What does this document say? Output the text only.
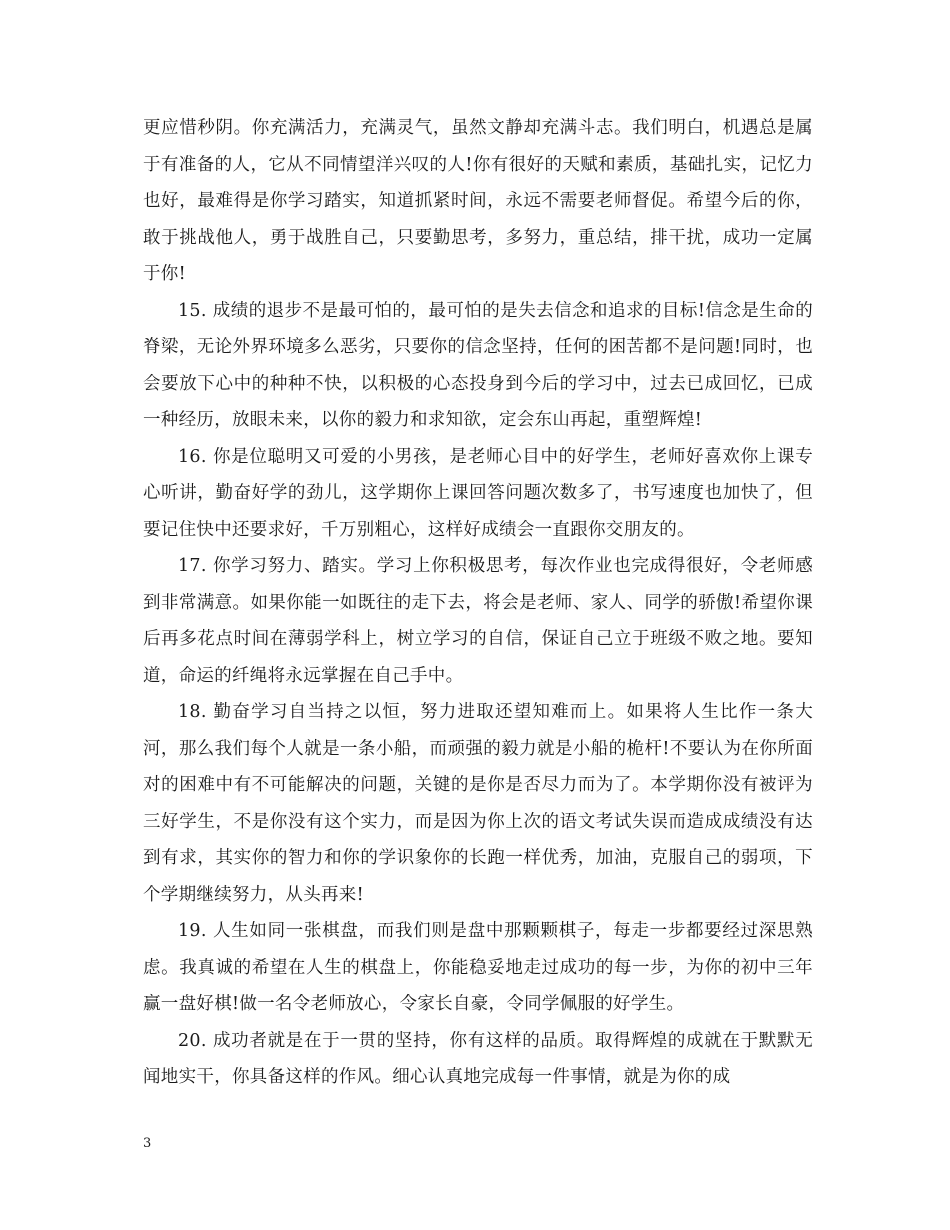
更应惜秒阴。你充满活力，充满灵气，虽然文静却充满斗志。我们明白，机遇总是属于有准备的人，它从不同情望洋兴叹的人!你有很好的天赋和素质，基础扎实，记忆力也好，最难得是你学习踏实，知道抓紧时间，永远不需要老师督促。希望今后的你，敢于挑战他人，勇于战胜自己，只要勤思考，多努力，重总结，排干扰，成功一定属于你!

15. 成绩的退步不是最可怕的，最可怕的是失去信念和追求的目标!信念是生命的脊梁，无论外界环境多么恶劣，只要你的信念坚持，任何的困苦都不是问题!同时，也会要放下心中的种种不快，以积极的心态投身到今后的学习中，过去已成回忆，已成一种经历，放眼未来，以你的毅力和求知欲，定会东山再起，重塑辉煌!

16. 你是位聪明又可爱的小男孩，是老师心目中的好学生，老师好喜欢你上课专心听讲，勤奋好学的劲儿，这学期你上课回答问题次数多了，书写速度也加快了，但要记住快中还要求好，千万别粗心，这样好成绩会一直跟你交朋友的。

17. 你学习努力、踏实。学习上你积极思考，每次作业也完成得很好，令老师感到非常满意。如果你能一如既往的走下去，将会是老师、家人、同学的骄傲!希望你课后再多花点时间在薄弱学科上，树立学习的自信，保证自己立于班级不败之地。要知道，命运的纤绳将永远掌握在自己手中。

18. 勤奋学习自当持之以恒，努力进取还望知难而上。如果将人生比作一条大河，那么我们每个人就是一条小船，而顽强的毅力就是小船的桅杆!不要认为在你所面对的困难中有不可能解决的问题，关键的是你是否尽力而为了。本学期你没有被评为三好学生，不是你没有这个实力，而是因为你上次的语文考试失误而造成成绩没有达到有求，其实你的智力和你的学识象你的长跑一样优秀，加油，克服自己的弱项，下个学期继续努力，从头再来!

19. 人生如同一张棋盘，而我们则是盘中那颗颗棋子，每走一步都要经过深思熟虑。我真诚的希望在人生的棋盘上，你能稳妥地走过成功的每一步，为你的初中三年赢一盘好棋!做一名令老师放心，令家长自豪，令同学佩服的好学生。

20. 成功者就是在于一贯的坚持，你有这样的品质。取得辉煌的成就在于默默无闻地实干，你具备这样的作风。细心认真地完成每一件事情，就是为你的成

3
